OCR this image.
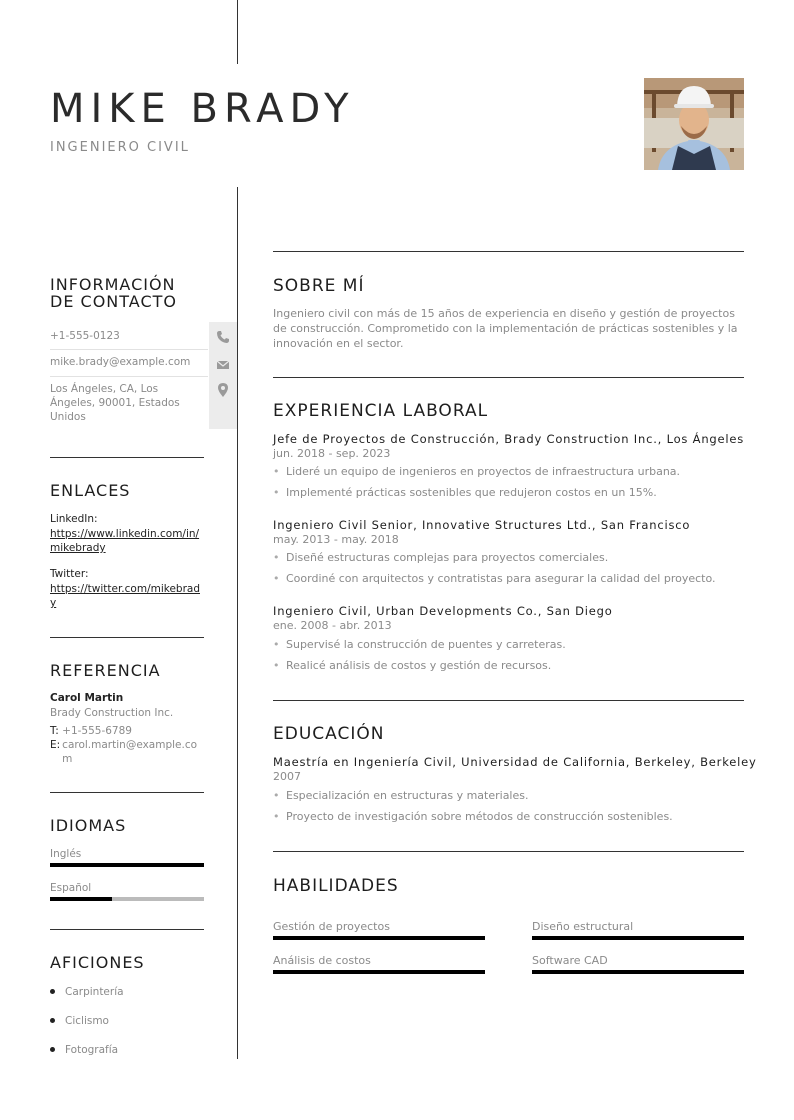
MIKE BRADY
INGENIERO CIVIL
INFORMACIÓN DE CONTACTO
+1-555-0123
mike.brady@example.com
Los Ángeles, CA, Los Ángeles, 90001, Estados Unidos
ENLACES
LinkedIn:
https://www.linkedin.com/in/mikebrady
Twitter:
https://twitter.com/mikebrady
REFERENCIA
Carol Martin
Brady Construction Inc.
T: +1-555-6789
E: carol.martin@example.com
IDIOMAS
Inglés
Español
AFICIONES
Carpintería
Ciclismo
Fotografía
SOBRE MÍ
Ingeniero civil con más de 15 años de experiencia en diseño y gestión de proyectos de construcción. Comprometido con la implementación de prácticas sostenibles y la innovación en el sector.
EXPERIENCIA LABORAL
Jefe de Proyectos de Construcción, Brady Construction Inc., Los Ángeles
jun. 2018 - sep. 2023
• Lideré un equipo de ingenieros en proyectos de infraestructura urbana.
• Implementé prácticas sostenibles que redujeron costos en un 15%.
Ingeniero Civil Senior, Innovative Structures Ltd., San Francisco
may. 2013 - may. 2018
• Diseñé estructuras complejas para proyectos comerciales.
• Coordiné con arquitectos y contratistas para asegurar la calidad del proyecto.
Ingeniero Civil, Urban Developments Co., San Diego
ene. 2008 - abr. 2013
• Supervisé la construcción de puentes y carreteras.
• Realicé análisis de costos y gestión de recursos.
EDUCACIÓN
Maestría en Ingeniería Civil, Universidad de California, Berkeley, Berkeley
2007
• Especialización en estructuras y materiales.
• Proyecto de investigación sobre métodos de construcción sostenibles.
HABILIDADES
Gestión de proyectos	Diseño estructural
Análisis de costos	Software CAD
